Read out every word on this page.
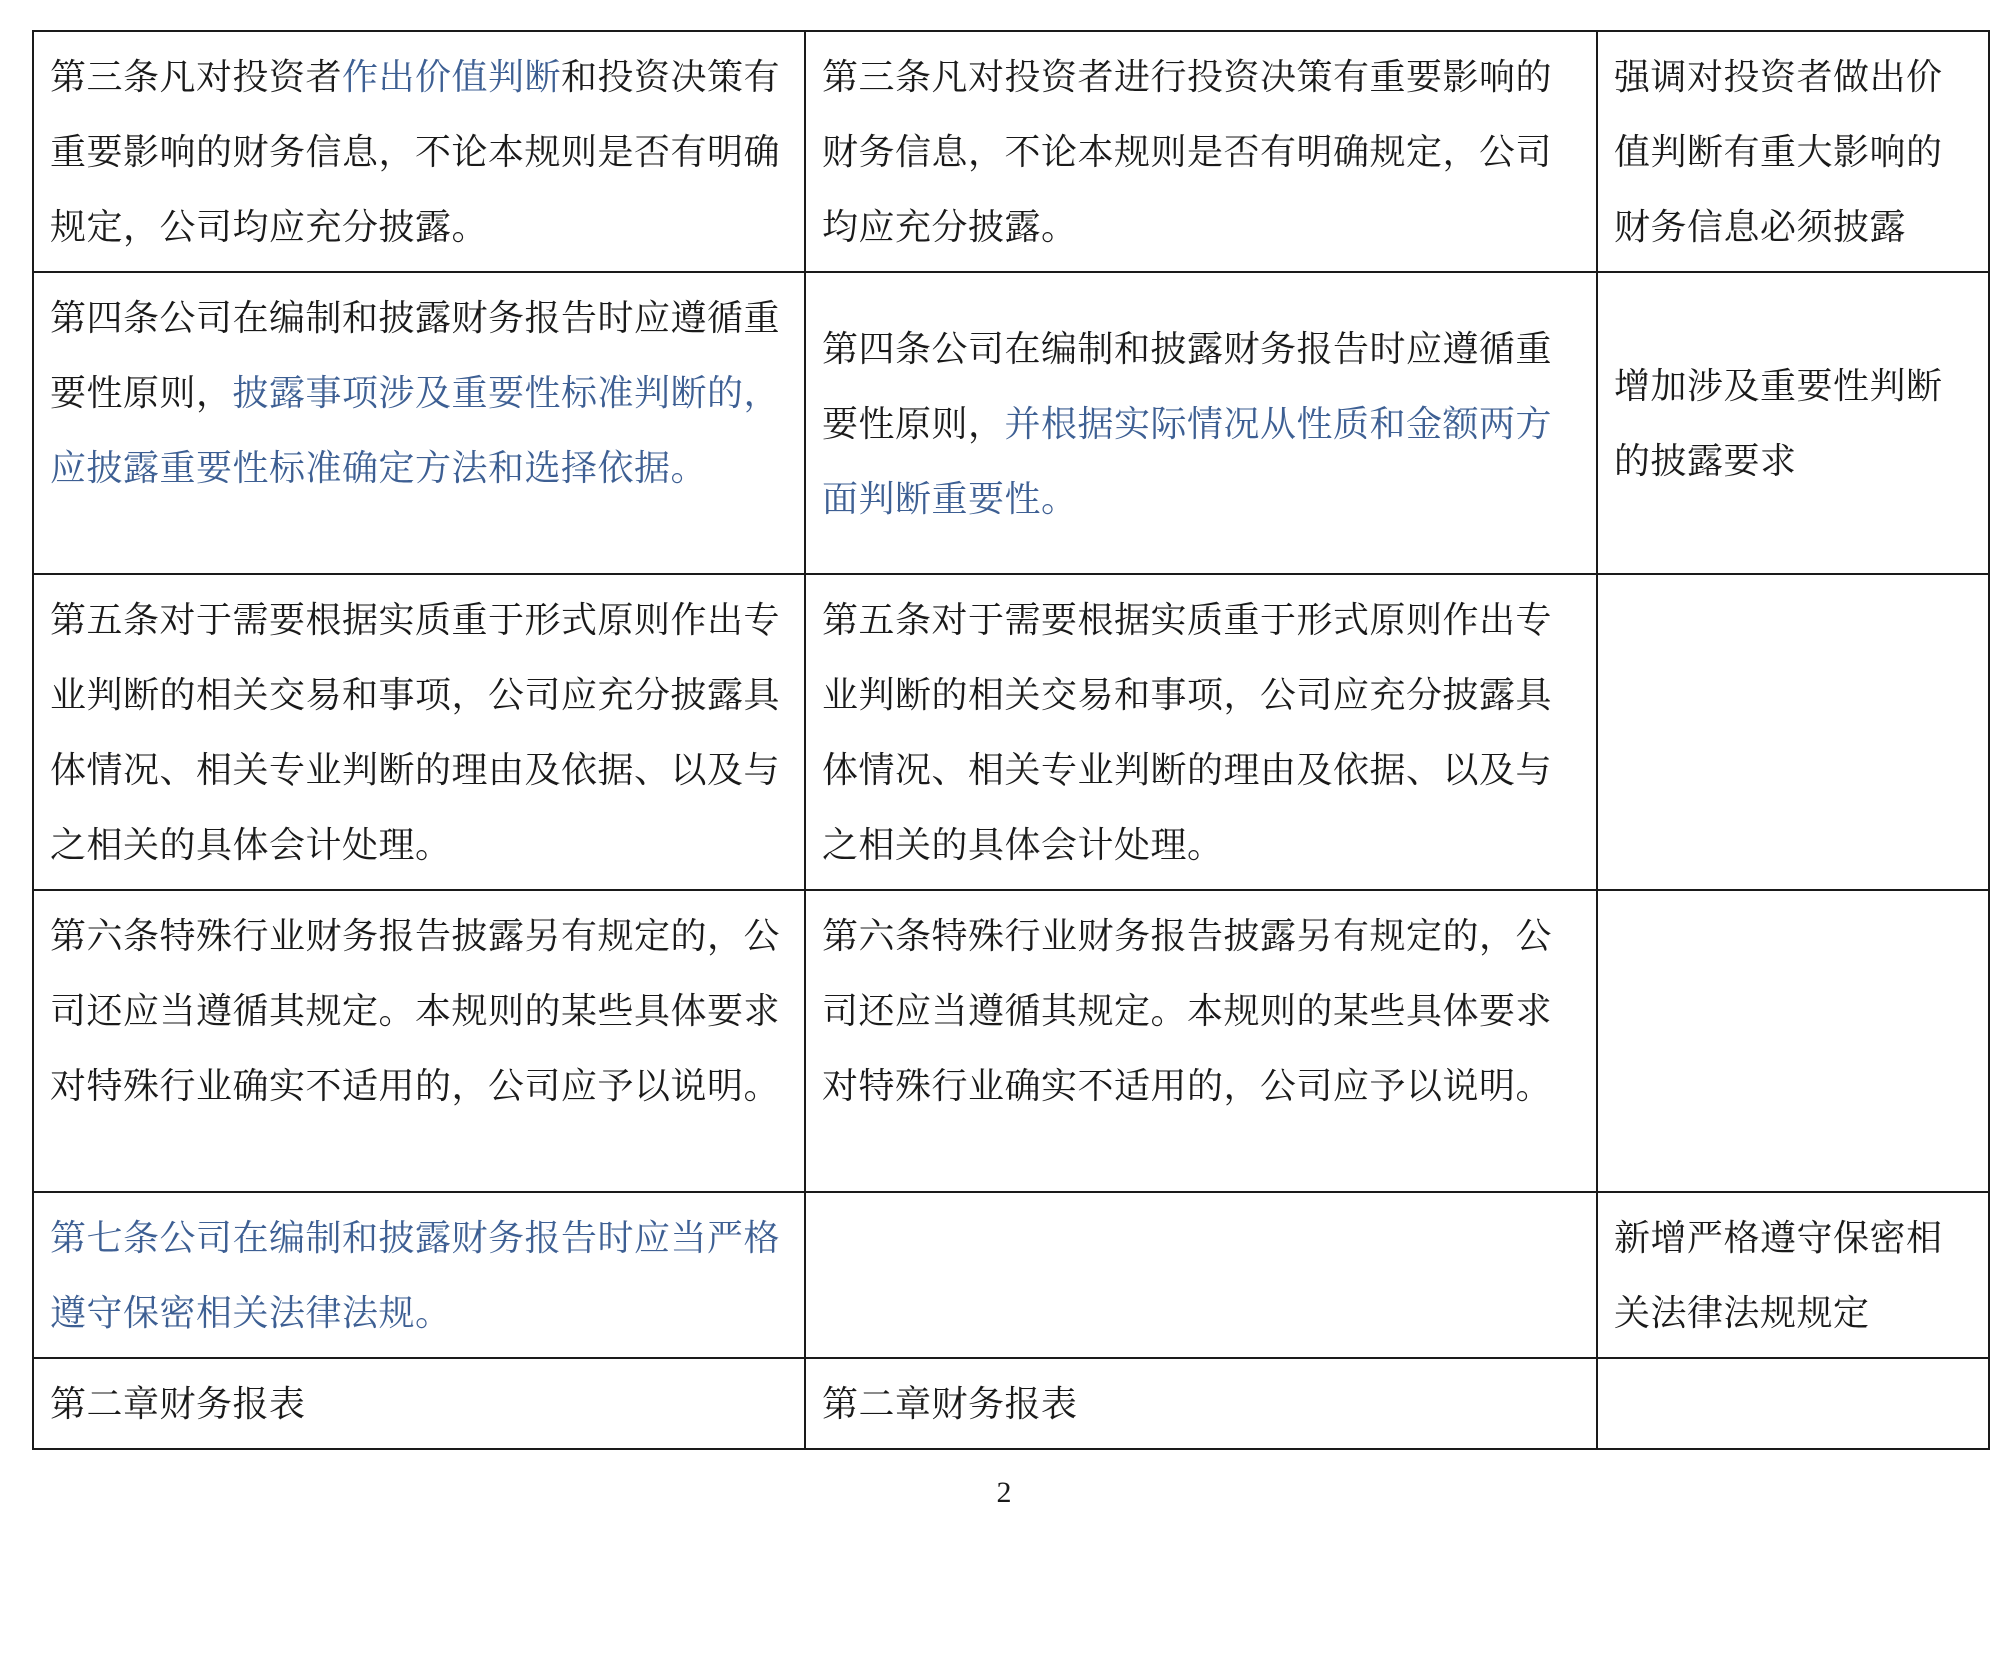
第三条凡对投资者作出价值判断和投资决策有重要影响的财务信息，不论本规则是否有明确规定，公司均应充分披露。	第三条凡对投资者进行投资决策有重要影响的财务信息，不论本规则是否有明确规定，公司均应充分披露。	强调对投资者做出价值判断有重大影响的财务信息必须披露
第四条公司在编制和披露财务报告时应遵循重要性原则，披露事项涉及重要性标准判断的，应披露重要性标准确定方法和选择依据。	第四条公司在编制和披露财务报告时应遵循重要性原则，并根据实际情况从性质和金额两方面判断重要性。	增加涉及重要性判断的披露要求
第五条对于需要根据实质重于形式原则作出专业判断的相关交易和事项，公司应充分披露具体情况、相关专业判断的理由及依据、以及与之相关的具体会计处理。	第五条对于需要根据实质重于形式原则作出专业判断的相关交易和事项，公司应充分披露具体情况、相关专业判断的理由及依据、以及与之相关的具体会计处理。	
第六条特殊行业财务报告披露另有规定的，公司还应当遵循其规定。本规则的某些具体要求对特殊行业确实不适用的，公司应予以说明。	第六条特殊行业财务报告披露另有规定的，公司还应当遵循其规定。本规则的某些具体要求对特殊行业确实不适用的，公司应予以说明。	
第七条公司在编制和披露财务报告时应当严格遵守保密相关法律法规。		新增严格遵守保密相关法律法规规定
第二章财务报表	第二章财务报表	
2
